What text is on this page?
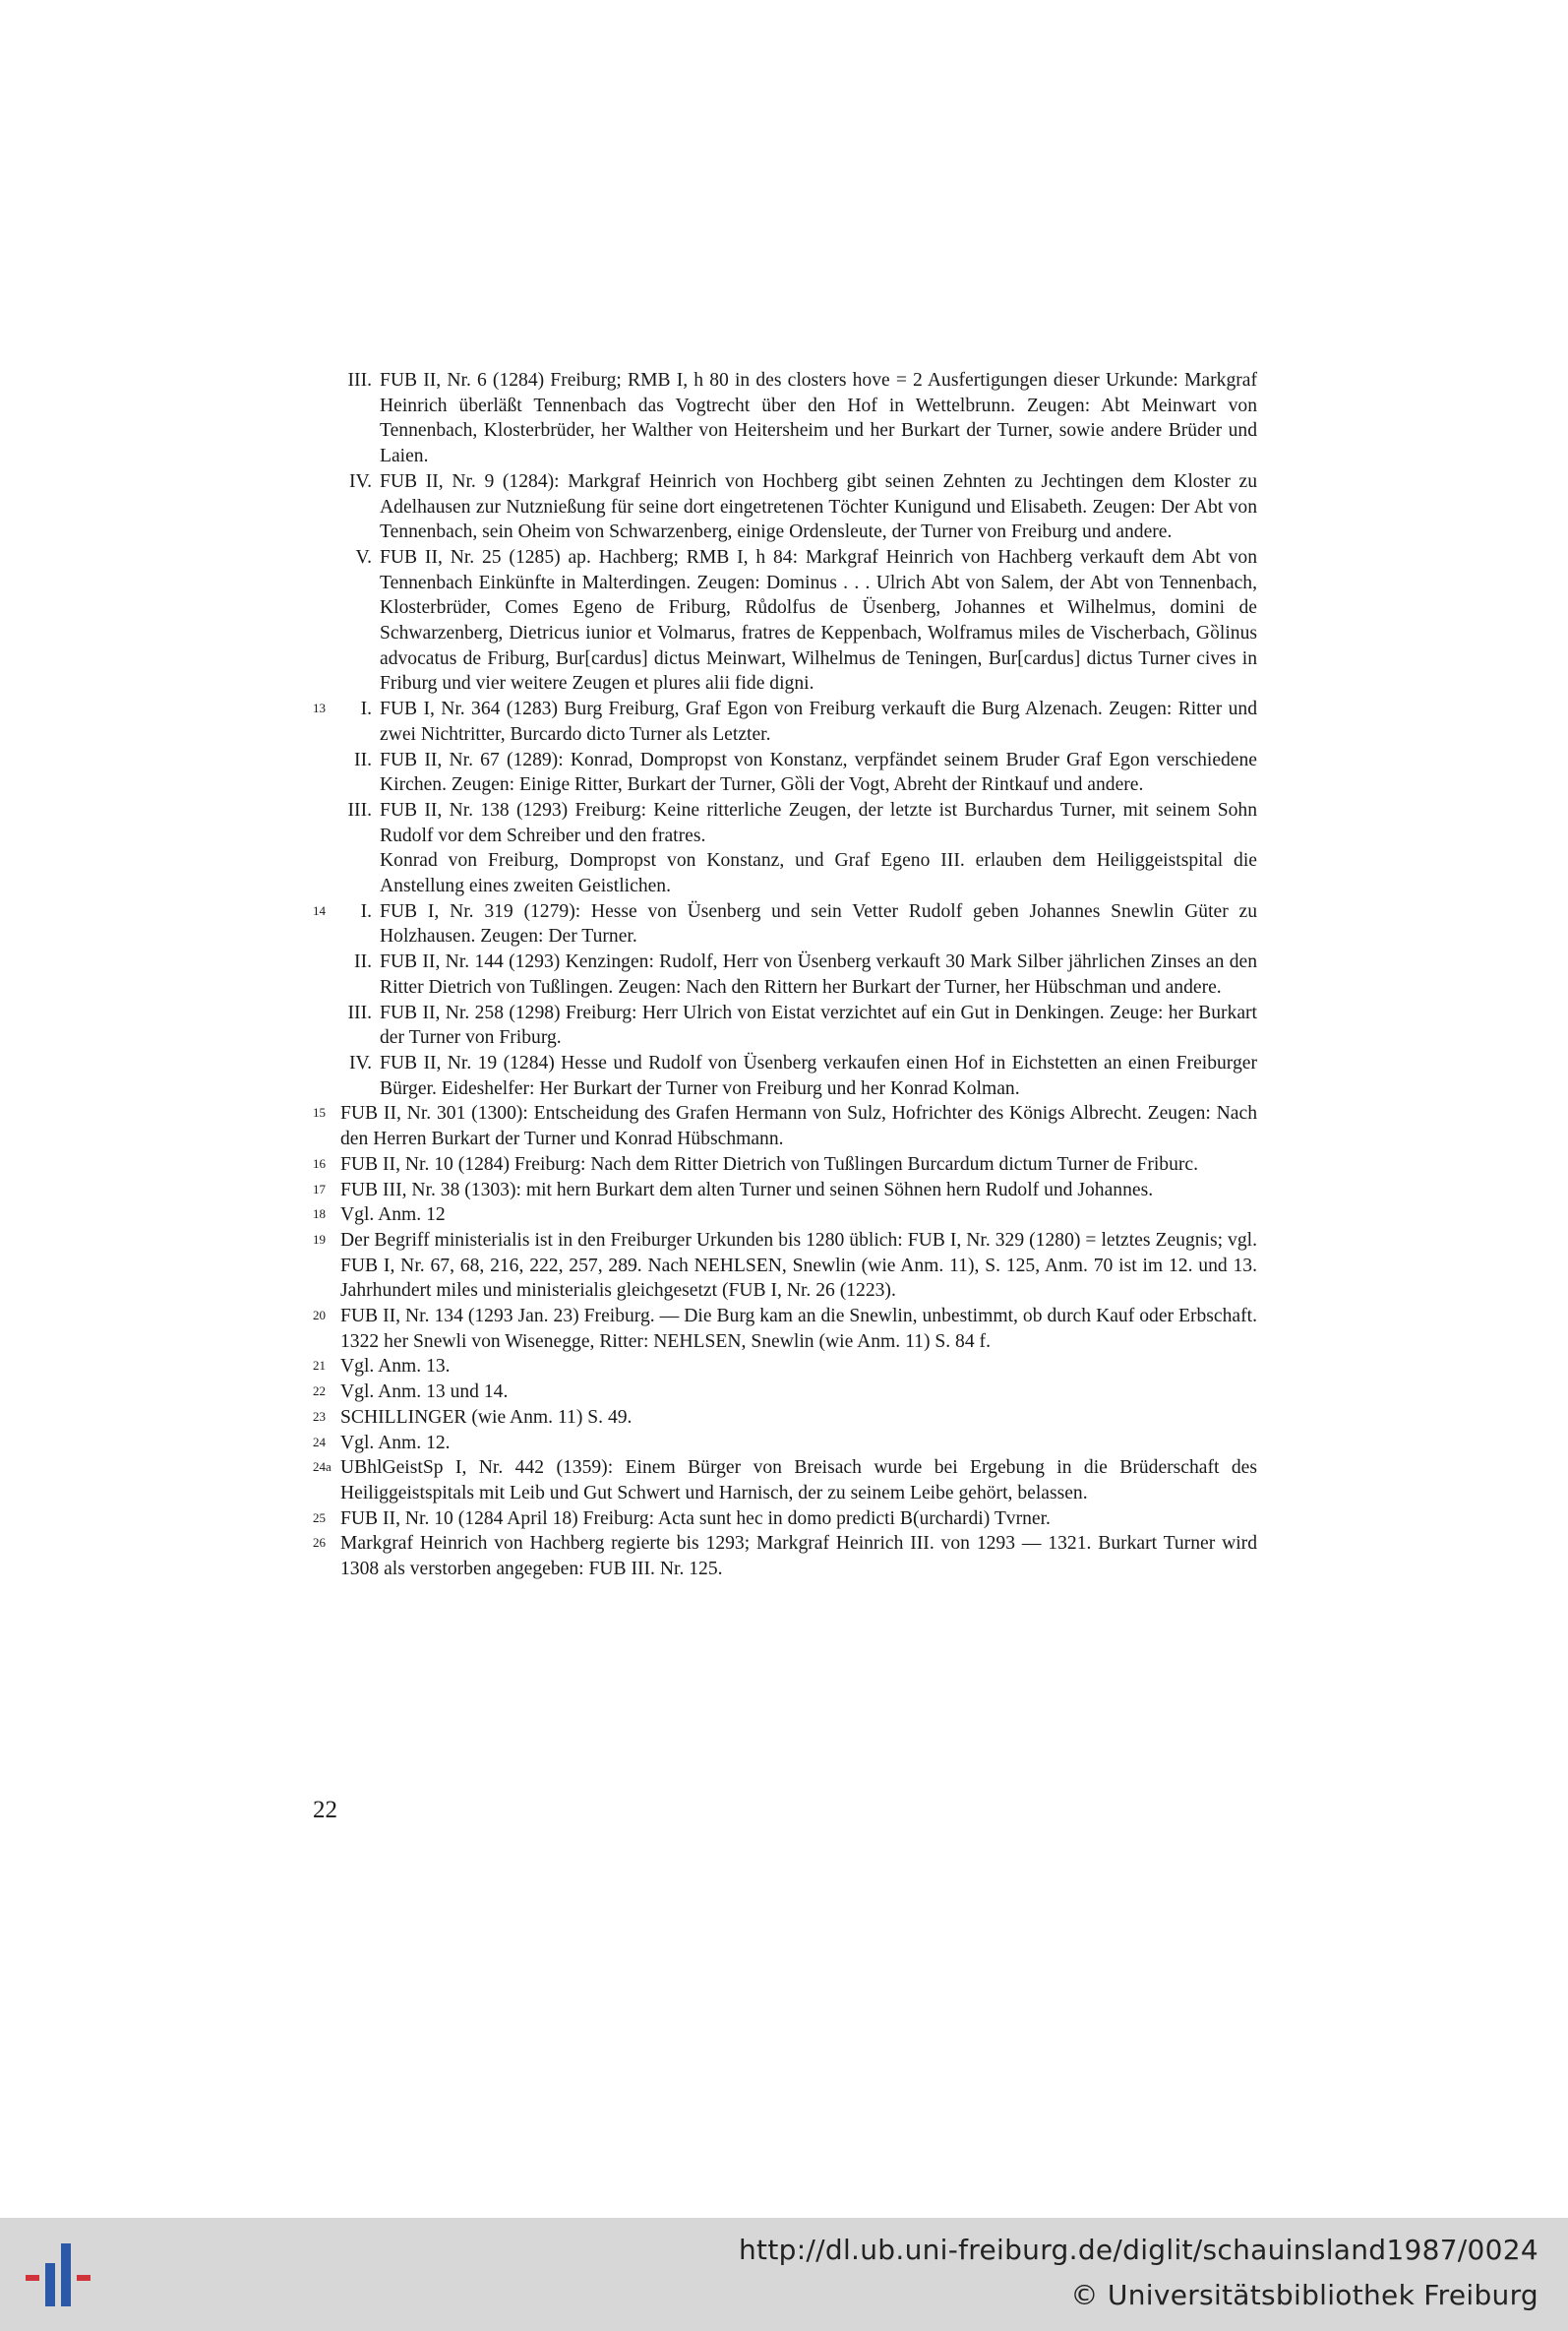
III. FUB II, Nr. 6 (1284) Freiburg; RMB I, h 80 in des closters hove = 2 Ausfertigungen dieser Urkunde: Markgraf Heinrich überläßt Tennenbach das Vogtrecht über den Hof in Wettelbrunn. Zeugen: Abt Meinwart von Tennenbach, Klosterbrüder, her Walther von Heitersheim und her Burkart der Turner, sowie andere Brüder und Laien.
IV. FUB II, Nr. 9 (1284): Markgraf Heinrich von Hochberg gibt seinen Zehnten zu Jechtingen dem Kloster zu Adelhausen zur Nutznießung für seine dort eingetretenen Töchter Kunigund und Elisabeth. Zeugen: Der Abt von Tennenbach, sein Oheim von Schwarzenberg, einige Ordensleute, der Turner von Freiburg und andere.
V. FUB II, Nr. 25 (1285) ap. Hachberg; RMB I, h 84: Markgraf Heinrich von Hachberg verkauft dem Abt von Tennenbach Einkünfte in Malterdingen. Zeugen: Dominus . . . Ulrich Abt von Salem, der Abt von Tennenbach, Klosterbrüder, Comes Egeno de Friburg, Růdolfus de Üsenberg, Johannes et Wilhelmus, domini de Schwarzenberg, Dietricus iunior et Volmarus, fratres de Keppenbach, Wolframus miles de Vischerbach, Gȍlinus advocatus de Friburg, Bur[cardus] dictus Meinwart, Wilhelmus de Teningen, Bur[cardus] dictus Turner cives in Friburg und vier weitere Zeugen et plures alii fide digni.
13	I. FUB I, Nr. 364 (1283) Burg Freiburg, Graf Egon von Freiburg verkauft die Burg Alzenach. Zeugen: Ritter und zwei Nichtritter, Burcardo dicto Turner als Letzter.
II. FUB II, Nr. 67 (1289): Konrad, Dompropst von Konstanz, verpfändet seinem Bruder Graf Egon verschiedene Kirchen. Zeugen: Einige Ritter, Burkart der Turner, Gȍli der Vogt, Abreht der Rintkauf und andere.
III. FUB II, Nr. 138 (1293) Freiburg: Keine ritterliche Zeugen, der letzte ist Burchardus Turner, mit seinem Sohn Rudolf vor dem Schreiber und den fratres.
Konrad von Freiburg, Dompropst von Konstanz, und Graf Egeno III. erlauben dem Heiliggeistspital die Anstellung eines zweiten Geistlichen.
14	I. FUB I, Nr. 319 (1279): Hesse von Üsenberg und sein Vetter Rudolf geben Johannes Snewlin Güter zu Holzhausen. Zeugen: Der Turner.
II. FUB II, Nr. 144 (1293) Kenzingen: Rudolf, Herr von Üsenberg verkauft 30 Mark Silber jährlichen Zinses an den Ritter Dietrich von Tußlingen. Zeugen: Nach den Rittern her Burkart der Turner, her Hübschman und andere.
III. FUB II, Nr. 258 (1298) Freiburg: Herr Ulrich von Eistat verzichtet auf ein Gut in Denkingen. Zeuge: her Burkart der Turner von Friburg.
IV. FUB II, Nr. 19 (1284) Hesse und Rudolf von Üsenberg verkaufen einen Hof in Eichstetten an einen Freiburger Bürger. Eideshelfer: Her Burkart der Turner von Freiburg und her Konrad Kolman.
15 FUB II, Nr. 301 (1300): Entscheidung des Grafen Hermann von Sulz, Hofrichter des Königs Albrecht. Zeugen: Nach den Herren Burkart der Turner und Konrad Hübschmann.
16 FUB II, Nr. 10 (1284) Freiburg: Nach dem Ritter Dietrich von Tußlingen Burcardum dictum Turner de Friburc.
17 FUB III, Nr. 38 (1303): mit hern Burkart dem alten Turner und seinen Söhnen hern Rudolf und Johannes.
18 Vgl. Anm. 12
19 Der Begriff ministerialis ist in den Freiburger Urkunden bis 1280 üblich: FUB I, Nr. 329 (1280) = letztes Zeugnis; vgl. FUB I, Nr. 67, 68, 216, 222, 257, 289. Nach NEHLSEN, Snewlin (wie Anm. 11), S. 125, Anm. 70 ist im 12. und 13. Jahrhundert miles und ministerialis gleichgesetzt (FUB I, Nr. 26 (1223).
20 FUB II, Nr. 134 (1293 Jan. 23) Freiburg. — Die Burg kam an die Snewlin, unbestimmt, ob durch Kauf oder Erbschaft. 1322 her Snewli von Wisenegge, Ritter: NEHLSEN, Snewlin (wie Anm. 11) S. 84 f.
21 Vgl. Anm. 13.
22 Vgl. Anm. 13 und 14.
23 SCHILLINGER (wie Anm. 11) S. 49.
24 Vgl. Anm. 12.
24a UBhlGeistSp I, Nr. 442 (1359): Einem Bürger von Breisach wurde bei Ergebung in die Brüderschaft des Heiliggeistspitals mit Leib und Gut Schwert und Harnisch, der zu seinem Leibe gehört, belassen.
25 FUB II, Nr. 10 (1284 April 18) Freiburg: Acta sunt hec in domo predicti B(urchardi) Tvrner.
26 Markgraf Heinrich von Hachberg regierte bis 1293; Markgraf Heinrich III. von 1293 — 1321. Burkart Turner wird 1308 als verstorben angegeben: FUB III. Nr. 125.
22
http://dl.ub.uni-freiburg.de/diglit/schauinsland1987/0024
© Universitätsbibliothek Freiburg
